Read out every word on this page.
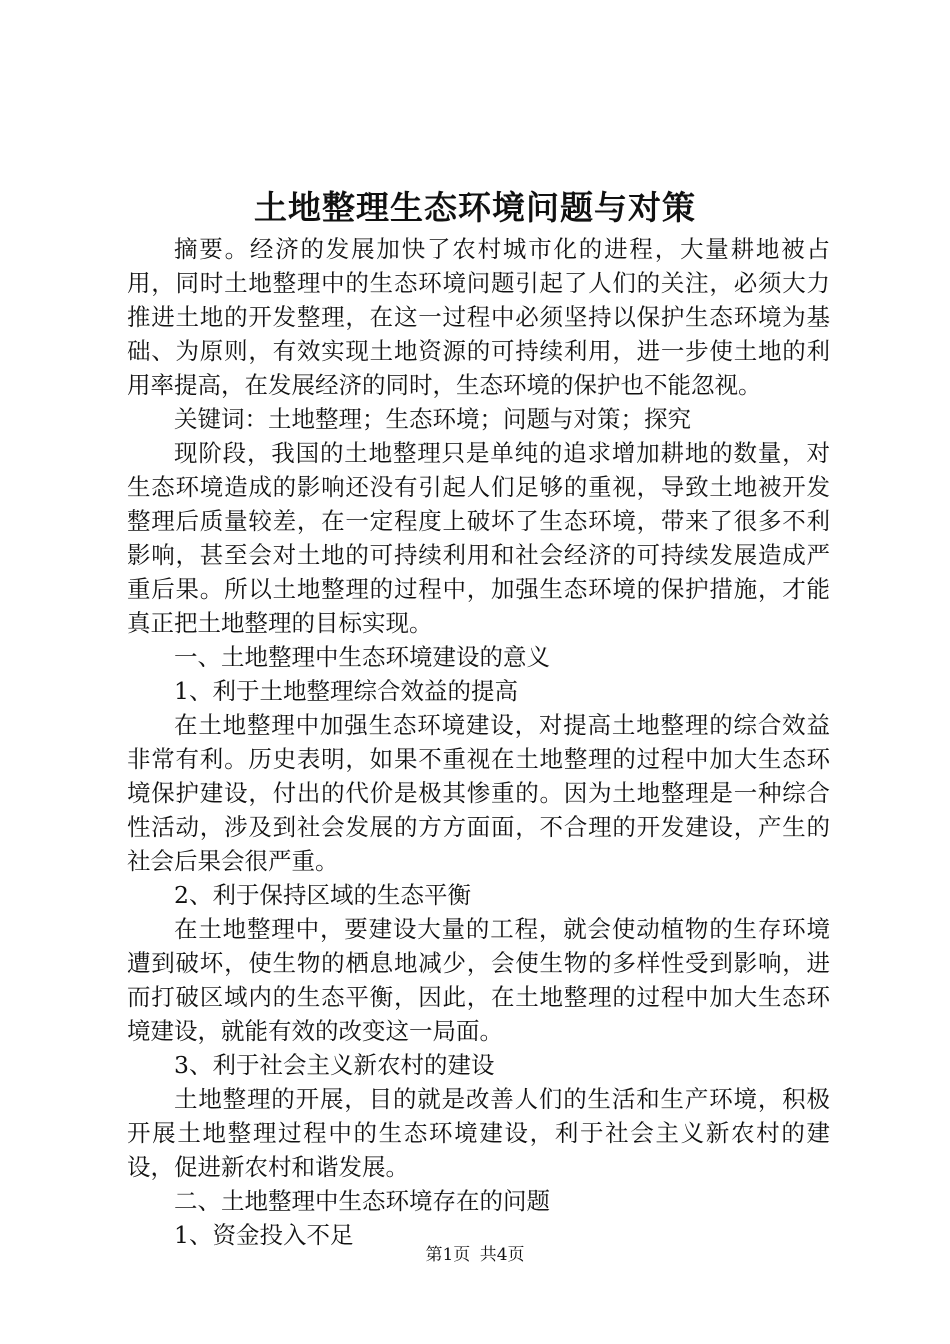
土地整理生态环境问题与对策

摘要。经济的发展加快了农村城市化的进程，大量耕地被占用，同时土地整理中的生态环境问题引起了人们的关注，必须大力推进土地的开发整理，在这一过程中必须坚持以保护生态环境为基础、为原则，有效实现土地资源的可持续利用，进一步使土地的利用率提高，在发展经济的同时，生态环境的保护也不能忽视。

关键词：土地整理；生态环境；问题与对策；探究

现阶段，我国的土地整理只是单纯的追求增加耕地的数量，对生态环境造成的影响还没有引起人们足够的重视，导致土地被开发整理后质量较差，在一定程度上破坏了生态环境，带来了很多不利影响，甚至会对土地的可持续利用和社会经济的可持续发展造成严重后果。所以土地整理的过程中，加强生态环境的保护措施，才能真正把土地整理的目标实现。

一、土地整理中生态环境建设的意义

1、利于土地整理综合效益的提高

在土地整理中加强生态环境建设，对提高土地整理的综合效益非常有利。历史表明，如果不重视在土地整理的过程中加大生态环境保护建设，付出的代价是极其惨重的。因为土地整理是一种综合性活动，涉及到社会发展的方方面面，不合理的开发建设，产生的社会后果会很严重。

2、利于保持区域的生态平衡

在土地整理中，要建设大量的工程，就会使动植物的生存环境遭到破坏，使生物的栖息地减少，会使生物的多样性受到影响，进而打破区域内的生态平衡，因此，在土地整理的过程中加大生态环境建设，就能有效的改变这一局面。

3、利于社会主义新农村的建设

土地整理的开展，目的就是改善人们的生活和生产环境，积极开展土地整理过程中的生态环境建设，利于社会主义新农村的建设，促进新农村和谐发展。

二、土地整理中生态环境存在的问题

1、资金投入不足

第1页 共4页
